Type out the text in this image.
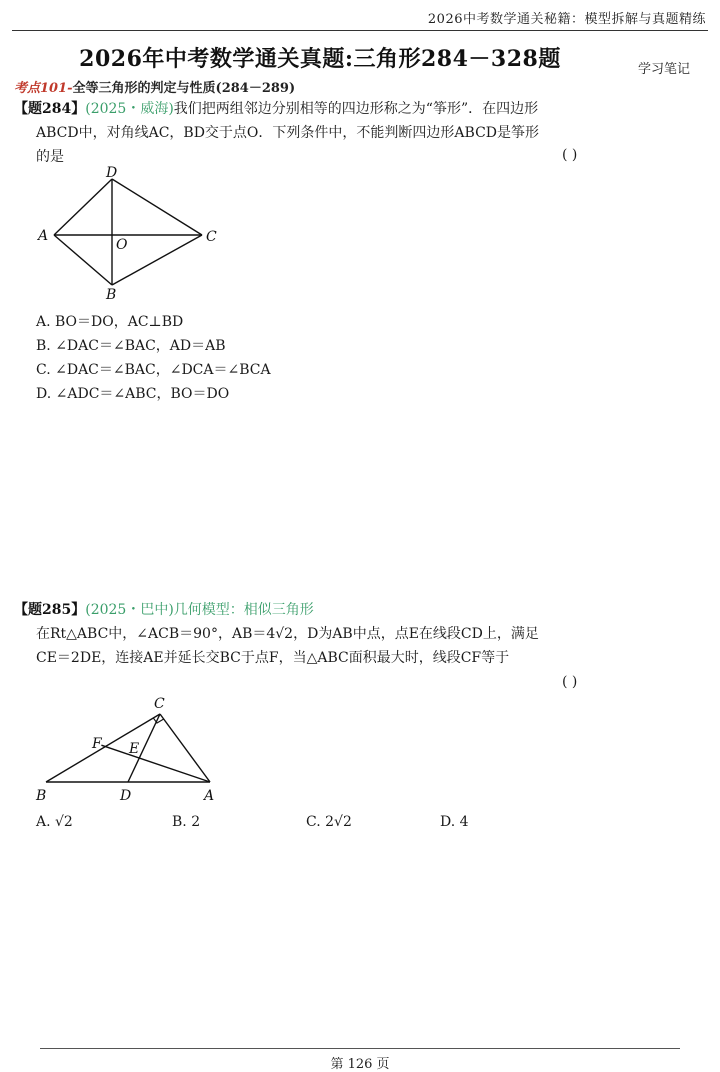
2026中考数学通关秘籍：模型拆解与真题精练
2026年中考数学通关真题:三角形284－328题	学习笔记
考点101-全等三角形的判定与性质(284－289)
【题284】(2025・威海)我们把两组邻边分别相等的四边形称之为“筝形”．在四边形
ABCD中，对角线AC，BD交于点O．下列条件中，不能判断四边形ABCD是筝形
的是	( )
A
B
C
D
O
A. BO＝DO，AC⊥BD
B. ∠DAC＝∠BAC，AD＝AB
C. ∠DAC＝∠BAC，∠DCA＝∠BCA
D. ∠ADC＝∠ABC，BO＝DO
【题285】(2025・巴中)几何模型：相似三角形
在Rt△ABC中，∠ACB＝90°，AB＝4√2，D为AB中点，点E在线段CD上，满足
CE＝2DE，连接AE并延长交BC于点F，当△ABC面积最大时，线段CF等于
( )
C
F E
B	D	A
A. √2	B. 2	C. 2√2	D. 4
第 126 页
